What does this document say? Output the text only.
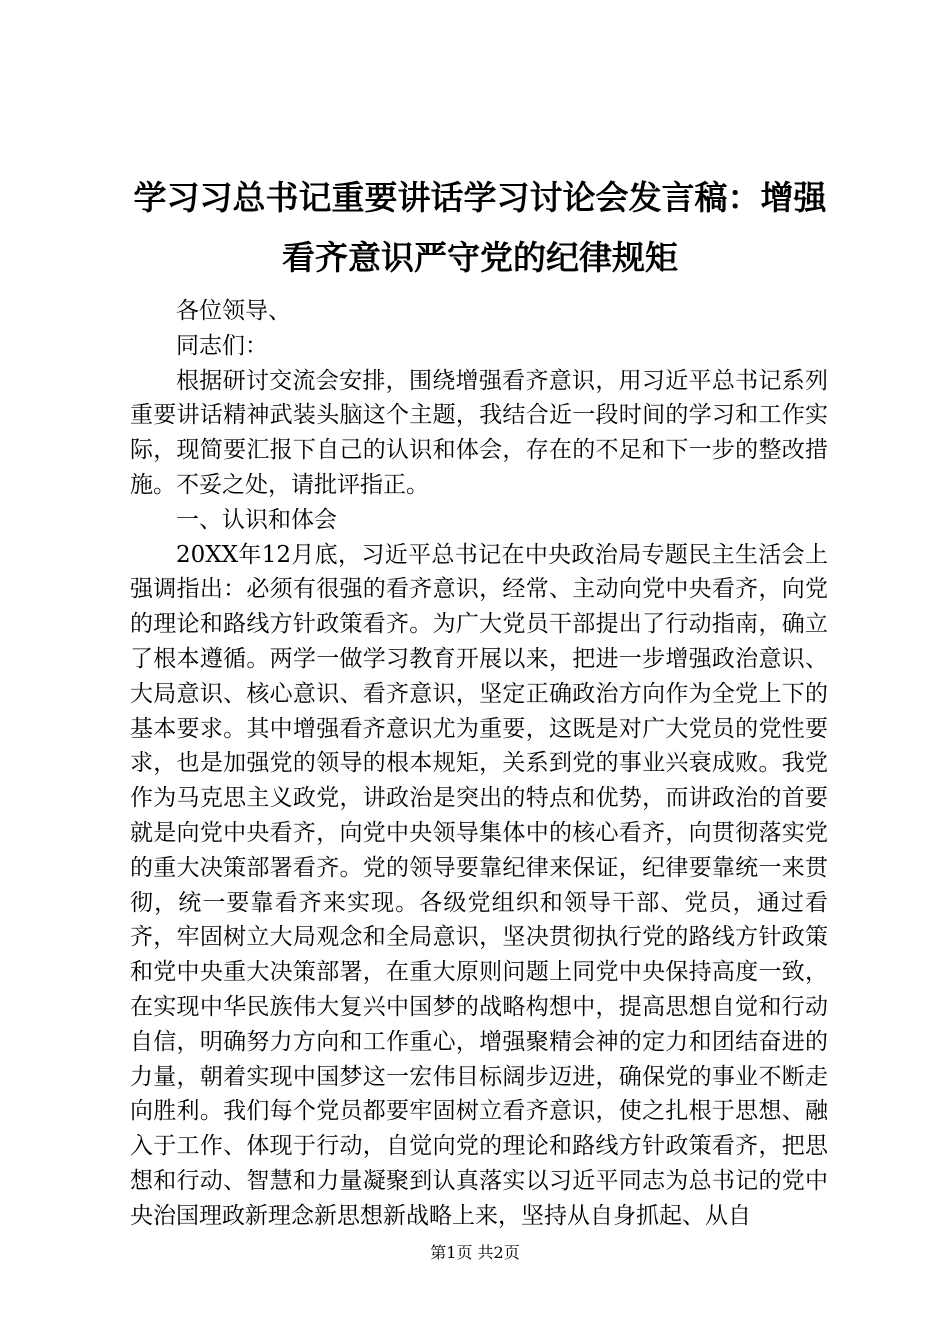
学习习总书记重要讲话学习讨论会发言稿：增强看齐意识严守党的纪律规矩

各位领导、

同志们：

根据研讨交流会安排，围绕增强看齐意识，用习近平总书记系列重要讲话精神武装头脑这个主题，我结合近一段时间的学习和工作实际，现简要汇报下自己的认识和体会，存在的不足和下一步的整改措施。不妥之处，请批评指正。

一、认识和体会

20XX年12月底，习近平总书记在中央政治局专题民主生活会上强调指出：必须有很强的看齐意识，经常、主动向党中央看齐，向党的理论和路线方针政策看齐。为广大党员干部提出了行动指南，确立了根本遵循。两学一做学习教育开展以来，把进一步增强政治意识、大局意识、核心意识、看齐意识，坚定正确政治方向作为全党上下的基本要求。其中增强看齐意识尤为重要，这既是对广大党员的党性要求，也是加强党的领导的根本规矩，关系到党的事业兴衰成败。我党作为马克思主义政党，讲政治是突出的特点和优势，而讲政治的首要就是向党中央看齐，向党中央领导集体中的核心看齐，向贯彻落实党的重大决策部署看齐。党的领导要靠纪律来保证，纪律要靠统一来贯彻，统一要靠看齐来实现。各级党组织和领导干部、党员，通过看齐，牢固树立大局观念和全局意识，坚决贯彻执行党的路线方针政策和党中央重大决策部署，在重大原则问题上同党中央保持高度一致，在实现中华民族伟大复兴中国梦的战略构想中，提高思想自觉和行动自信，明确努力方向和工作重心，增强聚精会神的定力和团结奋进的力量，朝着实现中国梦这一宏伟目标阔步迈进，确保党的事业不断走向胜利。我们每个党员都要牢固树立看齐意识，使之扎根于思想、融入于工作、体现于行动，自觉向党的理论和路线方针政策看齐，把思想和行动、智慧和力量凝聚到认真落实以习近平同志为总书记的党中央治国理政新理念新思想新战略上来，坚持从自身抓起、从自

第1页 共2页
